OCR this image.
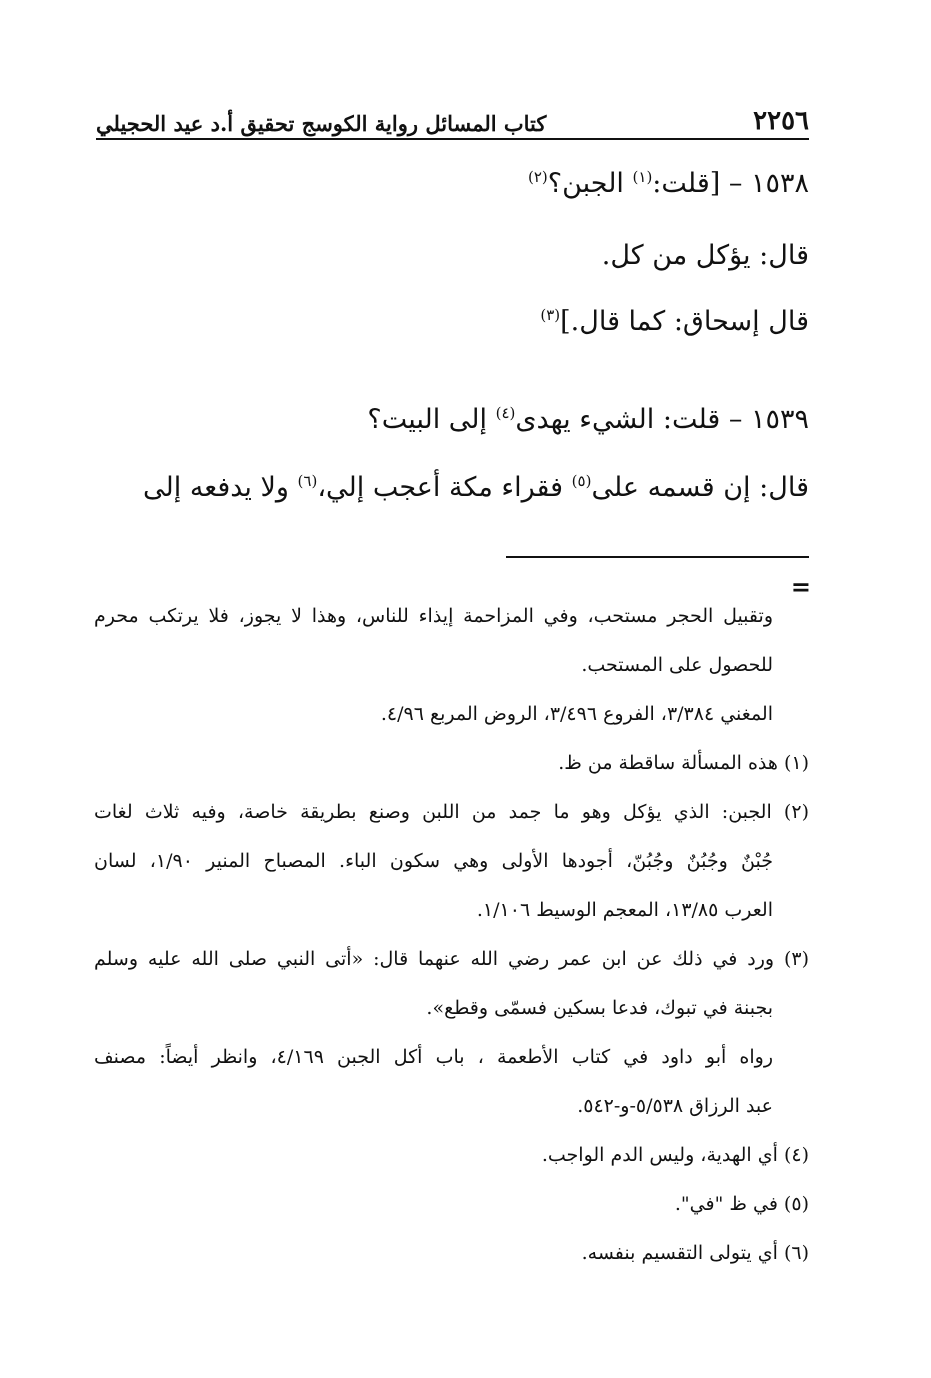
٢٢٥٦
كتاب المسائل رواية الكوسج تحقيق أ.د عيد الحجيلي
١٥٣٨ – [قلت:$^{(١)}$ الجبن؟$^{(٢)}$
قال: يؤكل من كل.
قال إسحاق: كما قال.]$^{(٣)}$
١٥٣٩ – قلت: الشيء يهدى$^{(٤)}$ إلى البيت؟
قال: إن قسمه على$^{(٥)}$ فقراء مكة أعجب إلي،$^{(٦)}$ ولا يدفعه إلى
=
وتقبيل الحجر مستحب، وفي المزاحمة إيذاء للناس، وهذا لا يجوز، فلا يرتكب محرم
للحصول على المستحب.
المغني ٣/٣٨٤، الفروع ٣/٤٩٦، الروض المربع ٤/٩٦.
(١) هذه المسألة ساقطة من ظ.
(٢) الجبن: الذي يؤكل وهو ما جمد من اللبن وصنع بطريقة خاصة، وفيه ثلاث لغات
جُبْنٌ وجُبُنٌ وجُبُنّ، أجودها الأولى وهي سكون الباء. المصباح المنير ١/٩٠، لسان
العرب ١٣/٨٥، المعجم الوسيط ١/١٠٦.
(٣) ورد في ذلك عن ابن عمر رضي الله عنهما قال: «أتى النبي صلى الله عليه وسلم
بجبنة في تبوك، فدعا بسكين فسمّى وقطع».
رواه أبو داود في كتاب الأطعمة ، باب أكل الجبن ٤/١٦٩، وانظر أيضاً: مصنف
عبد الرزاق ٥/٥٣٨-و-٥٤٢.
(٤) أي الهدية، وليس الدم الواجب.
(٥) في ظ "في".
(٦) أي يتولى التقسيم بنفسه.
